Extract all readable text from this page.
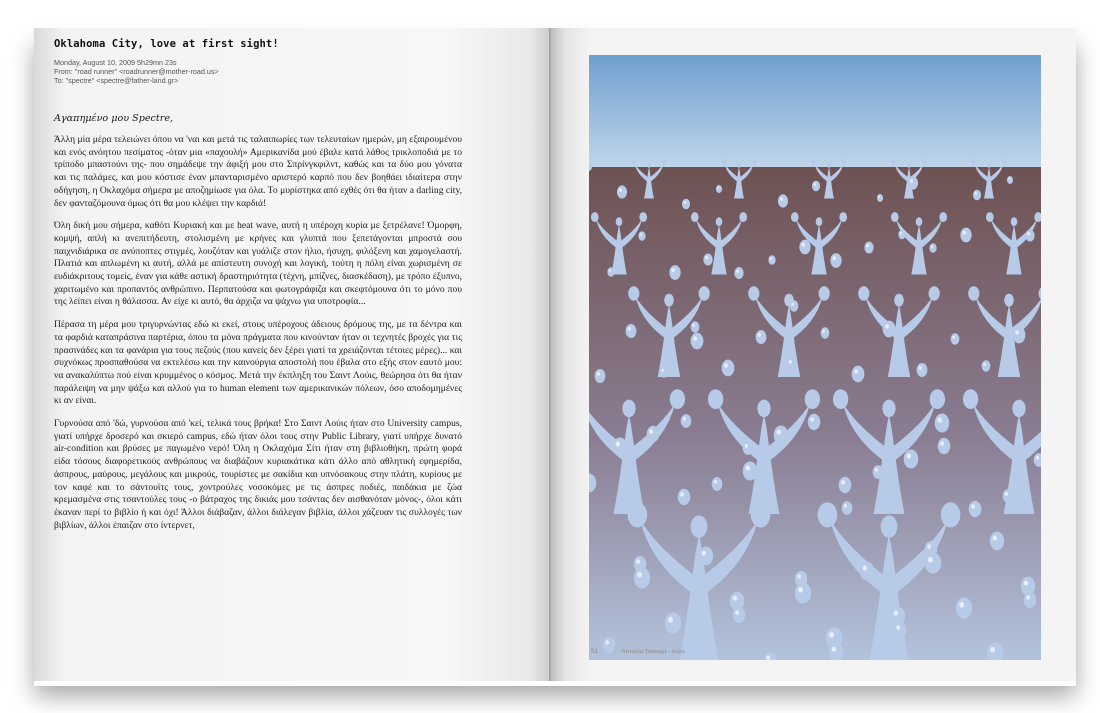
Oklahoma City, love at first sight!
Monday, August 10, 2009 5h29mn 23s
From: "road runner" <roadrunner@mother-road.us>
To: "spectre" <spectre@father-land.gr>
Αγαπημένο μου Spectre,

Άλλη μία μέρα τελειώνει όπου να 'ναι και μετά τις ταλαιπωρίες των τελευταίων ημερών, μη εξαιρουμένου και ενός ανόητου πεσίματος -όταν μια «παχουλή» Αμερικανίδα μού έβαλε κατά λάθος τρικλοποδιά με το τρίποδο μπαστούνι της- που σημάδεψε την άφιξή μου στο Σπρίνγκφιλντ, καθώς και τα δύο μου γόνατα και τις παλάμες, και μου κόστισε έναν μπανταρισμένο αριστερό καρπό που δεν βοηθάει ιδιαίτερα στην οδήγηση, η Οκλαχόμα σήμερα με αποζημίωσε για όλα. Το μυρίστηκα από εχθές ότι θα ήταν a darling city, δεν φανταζόμουνα όμως ότι θα μου κλέψει την καρδιά!

Όλη δική μου σήμερα, καθότι Κυριακή και με heat wave, αυτή η υπέροχη κυρία με ξετρέλανε! Όμορφη, κομψή, απλή κι ανεπιτήδευτη, στολισμένη με κρήνες και γλυπτά που ξεπετάγονται μπροστά σου παιχνιδιάρικα σε ανύποπτες στιγμές, λουζόταν και γυάλιζε στον ήλιο, ήσυχη, φιλόξενη και χαμογελαστή. Πλατιά και απλωμένη κι αυτή, αλλά με απίστευτη συνοχή και λογική, τούτη η πόλη είναι χωρισμένη σε ευδιάκριτους τομείς, έναν για κάθε αστική δραστηριότητα (τέχνη, μπίζνες, διασκέδαση), με τρόπο έξυπνο, χαριτωμένο και προπαντός ανθρώπινο. Περπατούσα και φωτογράφιζα και σκεφτόμουνα ότι το μόνο που της λείπει είναι η θάλασσα. Αν είχε κι αυτό, θα άρχιζα να ψάχνω για υποτροφία...

Πέρασα τη μέρα μου τριγυρνώντας εδώ κι εκεί, στους υπέροχους άδειους δρόμους της, με τα δέντρα και τα φαρδιά καταπράσινα παρτέρια, όπου τα μόνα πράγματα που κινούνταν ήταν οι τεχνητές βροχές για τις πρασινάδες και τα φανάρια για τους πεζούς (που κανείς δεν ξέρει γιατί τα χρειάζονται τέτοιες μέρες)... και συχνόκως προσπαθούσα να εκτελέσω και την καινούργια αποστολή που έβαλα στο εξής στον εαυτό μου: να ανακαλύπτω πού είναι κρυμμένος ο κόσμος. Μετά την έκπληξη του Σαιντ Λούις, θεώρησα ότι θα ήταν παράλειψη να μην ψάξω και αλλού για το human element των αμερικανικών πόλεων, όσο αποδομημένες κι αν είναι.

Γυρνούσα από 'δώ, γυρνούσα από 'κεί, τελικά τους βρήκα! Στο Σαιντ Λούις ήταν στο University campus, γιατί υπήρχε δροσερό και σκιερό campus, εδώ ήταν όλοι τους στην Public Library, γιατί υπήρχε δυνατό air-condition και βρύσες με παγωμένο νερό! Όλη η Οκλαχόμα Σίτι ήταν στη βιβλιοθήκη, πρώτη φορά είδα τόσους διαφορετικούς ανθρώπους να διαβάζουν κυριακάτικα κάτι άλλο από αθλητική εφημερίδα, άσπρους, μαύρους, μεγάλους και μικρούς, τουρίστες με σακίδια και υπνόσακους στην πλάτη, κυρίους με τον καφέ και το σάντουϊτς τους, χοντρούλες νοσοκόμες με τις άσπρες ποδιές, παιδάκια με ζώα κρεμασμένα στις τσαντούλες τους -ο βάτραχος της δικιάς μου τσάντας δεν αισθανόταν μόνος-, όλοι κάτι έκαναν περί το βιβλίο ή και όχι! Άλλοι διάβαζαν, άλλοι διάλεγαν βιβλία, άλλοι χάζευαν τις συλλογές των βιβλίων, άλλοι έπαιζαν στο ίντερνετ,

51	Ναταλία Τσαπαρί - τίτλο
